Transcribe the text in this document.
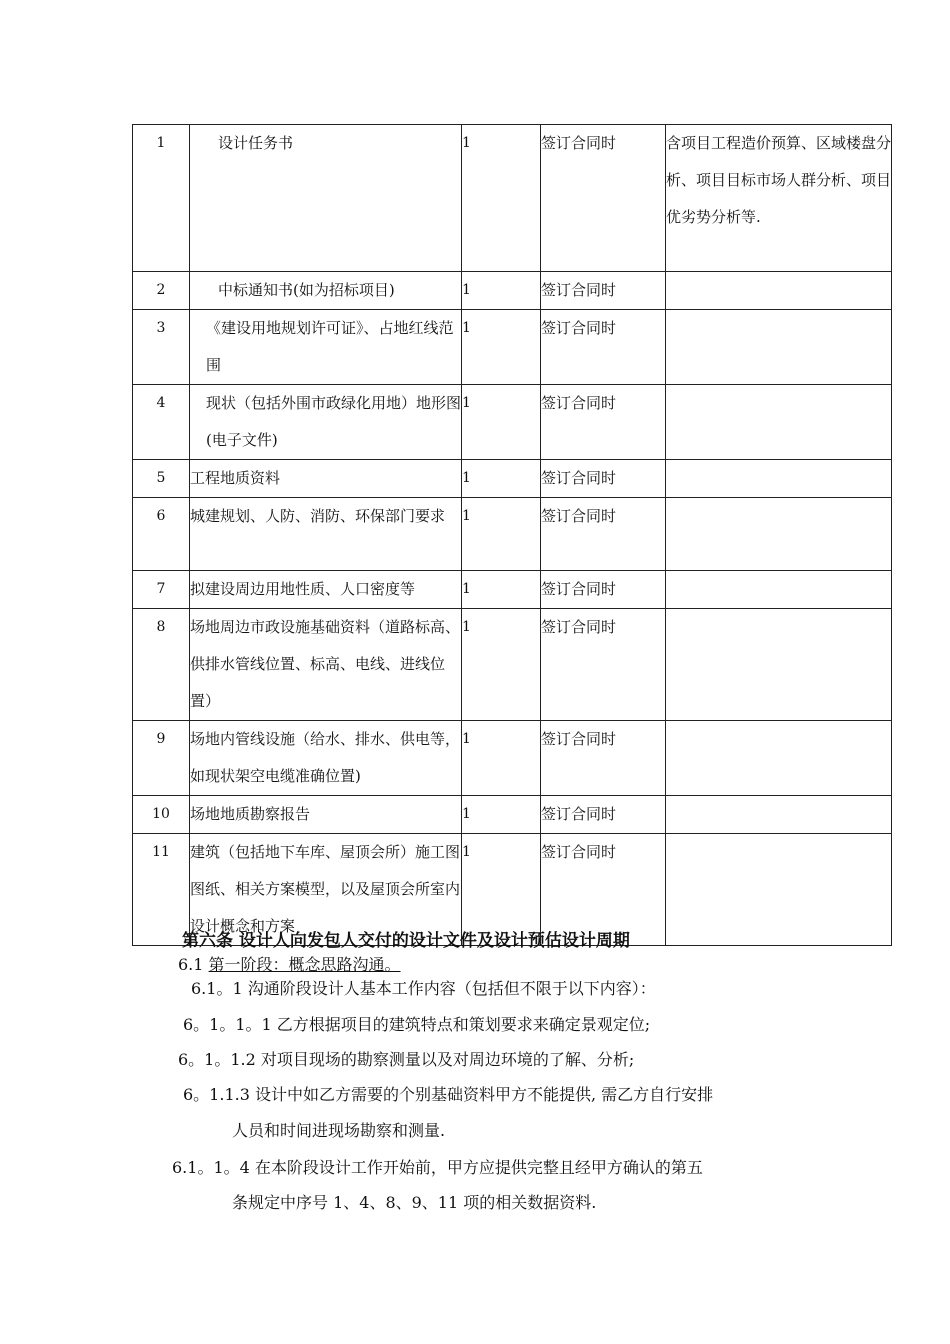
1	设计任务书	1	签订合同时	含项目工程造价预算、区域楼盘分析、项目目标市场人群分析、项目优劣势分析等.
2	中标通知书(如为招标项目)	1	签订合同时	
3	《建设用地规划许可证》、占地红线范围	1	签订合同时	
4	现状（包括外围市政绿化用地）地形图(电子文件)	1	签订合同时	
5	工程地质资料	1	签订合同时	
6	城建规划、人防、消防、环保部门要求	1	签订合同时	
7	拟建设周边用地性质、人口密度等	1	签订合同时	
8	场地周边市政设施基础资料（道路标高、供排水管线位置、标高、电线、进线位置）	1	签订合同时	
9	场地内管线设施（给水、排水、供电等，如现状架空电缆准确位置)	1	签订合同时	
10	场地地质勘察报告	1	签订合同时	
11	建筑（包括地下车库、屋顶会所）施工图图纸、相关方案模型，以及屋顶会所室内设计概念和方案	1	签订合同时	
第六条 设计人向发包人交付的设计文件及设计预估设计周期
6.1 第一阶段：概念思路沟通。
6.1。1 沟通阶段设计人基本工作内容（包括但不限于以下内容）：
6。1。1。1 乙方根据项目的建筑特点和策划要求来确定景观定位;
6。1。1.2 对项目现场的勘察测量以及对周边环境的了解、分析;
6。1.1.3 设计中如乙方需要的个别基础资料甲方不能提供, 需乙方自行安排
人员和时间进现场勘察和测量.
6.1。1。4 在本阶段设计工作开始前，甲方应提供完整且经甲方确认的第五
条规定中序号 1、4、8、9、11 项的相关数据资料.
